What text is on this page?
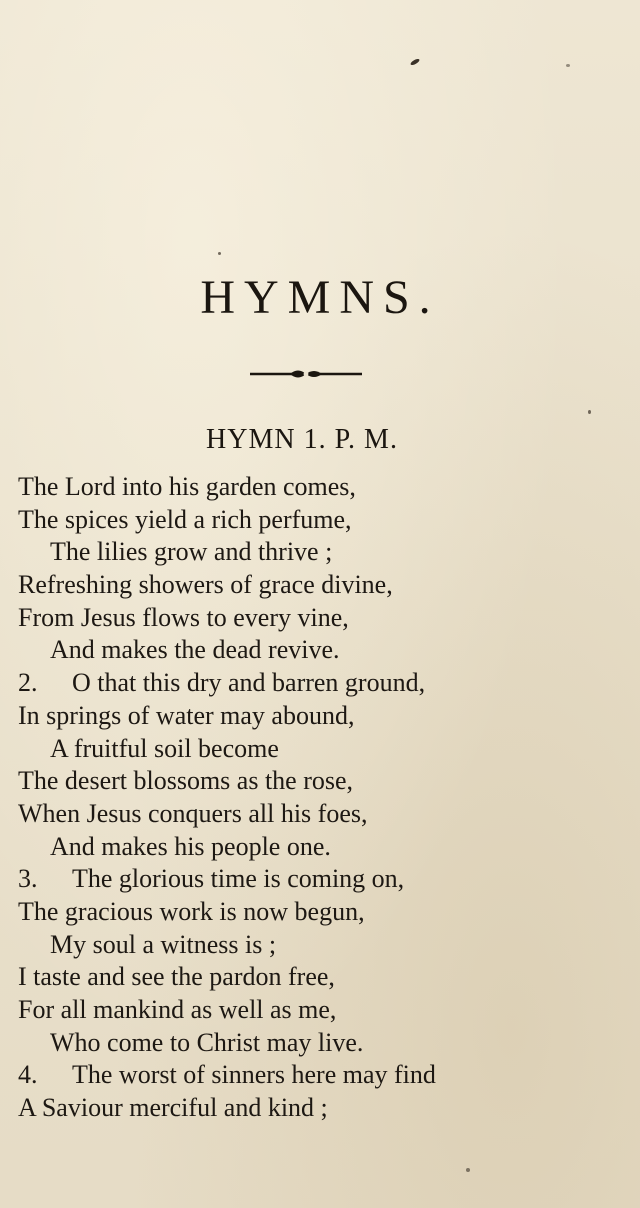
HYMNS.
HYMN 1. P. M.
The Lord into his garden comes,
The spices yield a rich perfume,
The lilies grow and thrive ;
Refreshing showers of grace divine,
From Jesus flows to every vine,
And makes the dead revive.
2. O that this dry and barren ground,
In springs of water may abound,
A fruitful soil become
The desert blossoms as the rose,
When Jesus conquers all his foes,
And makes his people one.
3. The glorious time is coming on,
The gracious work is now begun,
My soul a witness is ;
I taste and see the pardon free,
For all mankind as well as me,
Who come to Christ may live.
4. The worst of sinners here may find
A Saviour merciful and kind ;
